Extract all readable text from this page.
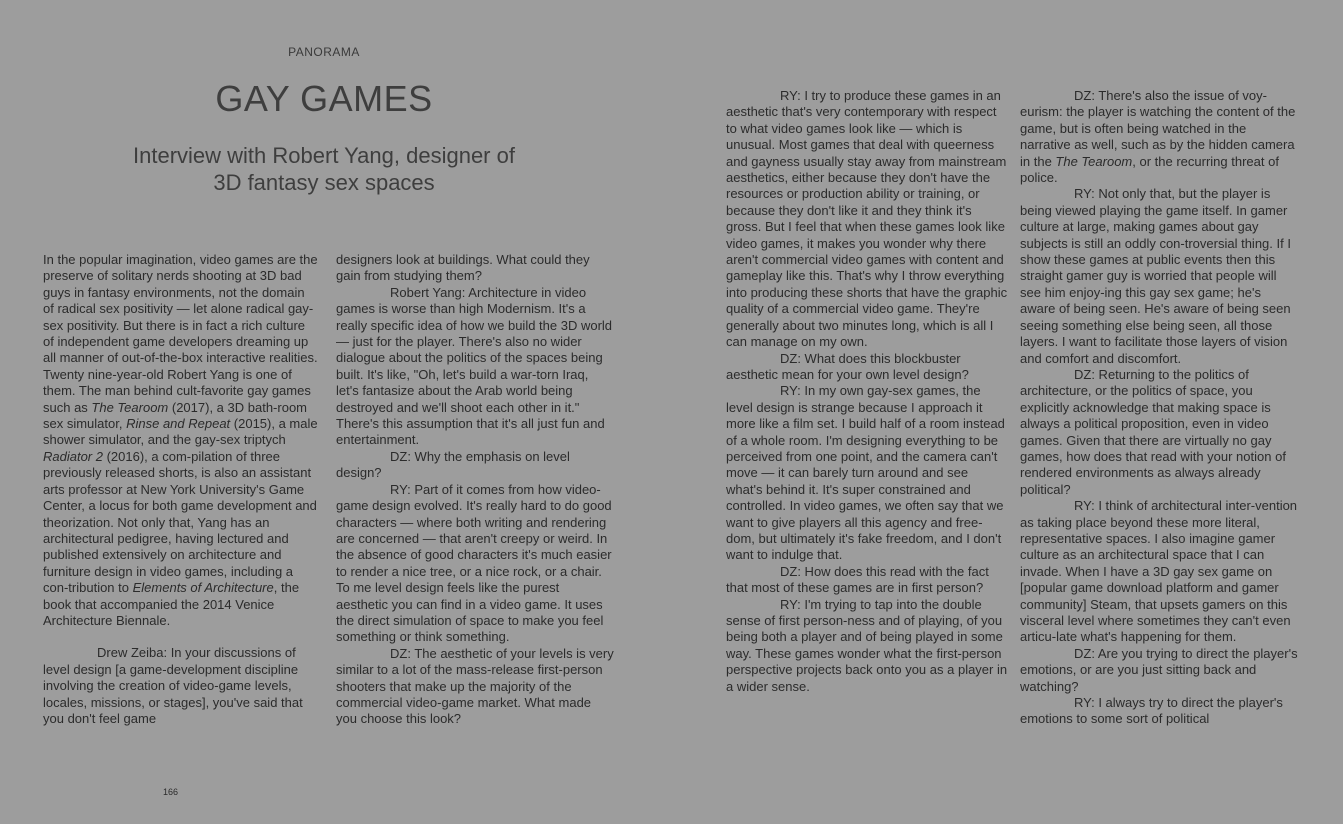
PANORAMA
GAY GAMES
Interview with Robert Yang, designer of
3D fantasy sex spaces

In the popular imagination, video games are the preserve of solitary nerds shooting at 3D bad guys in fantasy environments, not the domain of radical sex positivity — let alone radical gay-sex positivity. But there is in fact a rich culture of independent game developers dreaming up all manner of out-of-the-box interactive realities. Twenty nine-year-old Robert Yang is one of them. The man behind cult-favorite gay games such as The Tearoom (2017), a 3D bath-room sex simulator, Rinse and Repeat (2015), a male shower simulator, and the gay-sex triptych Radiator 2 (2016), a com-pilation of three previously released shorts, is also an assistant arts professor at New York University's Game Center, a locus for both game development and theorization. Not only that, Yang has an architectural pedigree, having lectured and published extensively on architecture and furniture design in video games, including a con-tribution to Elements of Architecture, the book that accompanied the 2014 Venice Architecture Biennale.

Drew Zeiba: In your discussions of level design [a game-development discipline involving the creation of video-game levels, locales, missions, or stages], you've said that you don't feel game

designers look at buildings. What could they gain from studying them?

Robert Yang: Architecture in video games is worse than high Modernism. It's a really specific idea of how we build the 3D world — just for the player. There's also no wider dialogue about the politics of the spaces being built. It's like, "Oh, let's build a war-torn Iraq, let's fantasize about the Arab world being destroyed and we'll shoot each other in it." There's this assumption that it's all just fun and entertainment.

DZ: Why the emphasis on level design?

RY: Part of it comes from how video-game design evolved. It's really hard to do good characters — where both writing and rendering are concerned — that aren't creepy or weird. In the absence of good characters it's much easier to render a nice tree, or a nice rock, or a chair. To me level design feels like the purest aesthetic you can find in a video game. It uses the direct simulation of space to make you feel something or think something.

DZ: The aesthetic of your levels is very similar to a lot of the mass-release first-person shooters that make up the majority of the commercial video-game market. What made you choose this look?

166

RY: I try to produce these games in an aesthetic that's very contemporary with respect to what video games look like — which is unusual. Most games that deal with queerness and gayness usually stay away from mainstream aesthetics, either because they don't have the resources or production ability or training, or because they don't like it and they think it's gross. But I feel that when these games look like video games, it makes you wonder why there aren't commercial video games with content and gameplay like this. That's why I throw everything into producing these shorts that have the graphic quality of a commercial video game. They're generally about two minutes long, which is all I can manage on my own.

DZ: What does this blockbuster aesthetic mean for your own level design?

RY: In my own gay-sex games, the level design is strange because I approach it more like a film set. I build half of a room instead of a whole room. I'm designing everything to be perceived from one point, and the camera can't move — it can barely turn around and see what's behind it. It's super constrained and controlled. In video games, we often say that we want to give players all this agency and free-dom, but ultimately it's fake freedom, and I don't want to indulge that.

DZ: How does this read with the fact that most of these games are in first person?

RY: I'm trying to tap into the double sense of first person-ness and of playing, of you being both a player and of being played in some way. These games wonder what the first-person perspective projects back onto you as a player in a wider sense.

DZ: There's also the issue of voy-eurism: the player is watching the content of the game, but is often being watched in the narrative as well, such as by the hidden camera in the The Tearoom, or the recurring threat of police.

RY: Not only that, but the player is being viewed playing the game itself. In gamer culture at large, making games about gay subjects is still an oddly con-troversial thing. If I show these games at public events then this straight gamer guy is worried that people will see him enjoy-ing this gay sex game; he's aware of being seen. He's aware of being seen seeing something else being seen, all those layers. I want to facilitate those layers of vision and comfort and discomfort.

DZ: Returning to the politics of architecture, or the politics of space, you explicitly acknowledge that making space is always a political proposition, even in video games. Given that there are virtually no gay games, how does that read with your notion of rendered environments as always already political?

RY: I think of architectural inter-vention as taking place beyond these more literal, representative spaces. I also imagine gamer culture as an architectural space that I can invade. When I have a 3D gay sex game on [popular game download platform and gamer community] Steam, that upsets gamers on this visceral level where sometimes they can't even articu-late what's happening for them.

DZ: Are you trying to direct the player's emotions, or are you just sitting back and watching?

RY: I always try to direct the player's emotions to some sort of political
